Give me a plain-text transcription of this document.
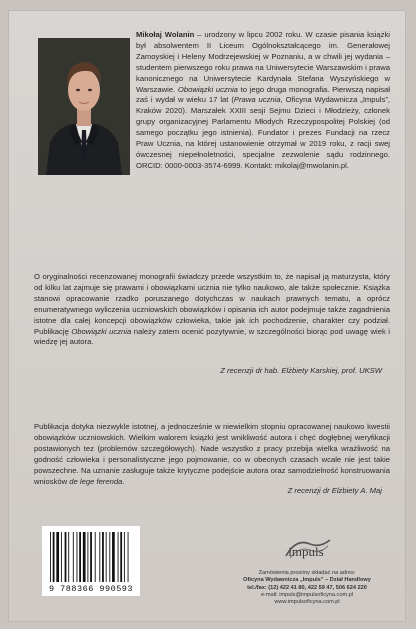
Mikołaj Wolanin – urodzony w lipcu 2002 roku. W czasie pisania książki był absolwentem II Liceum Ogólnokształcącego im. Generałowej Zamoyskiej i Heleny Modrzejewskiej w Poznaniu, a w chwili jej wydania – studentem pierwszego roku prawa na Uniwersytecie Warszawskim i prawa kanonicznego na Uniwersytecie Kardynała Stefana Wyszyńskiego w Warszawie. Obowiązki ucznia to jego druga monografia. Pierwszą napisał zaś i wydał w wieku 17 lat (Prawa ucznia, Oficyna Wydawnicza „Impuls”, Kraków 2020). Marszałek XXIII sesji Sejmu Dzieci i Młodzieży, członek grupy organizacyjnej Parlamentu Młodych Rzeczypospolitej Polskiej (od samego początku jego istnienia). Fundator i prezes Fundacji na rzecz Praw Ucznia, na której ustanowienie otrzymał w 2019 roku, z racji swej ówczesnej niepełnoletności, specjalne zezwolenie sądu rodzinnego. ORCID: 0000-0003-3574-6999. Kontakt: mikolaj@mwolanin.pl.

O oryginalności recenzowanej monografii świadczy przede wszystkim to, że napisał ją maturzysta, który od kilku lat zajmuje się prawami i obowiązkami ucznia nie tylko naukowo, ale także społecznie. Książka stanowi opracowanie rzadko poruszanego dotychczas w naukach prawnych tematu, a oprócz enumeratywnego wyliczenia uczniowskich obowiązków i opisania ich autor podejmuje także zagadnienia istotne dla całej koncepcji obowiązków człowieka, takie jak ich pochodzenie, charakter czy podział. Publikację Obowiązki ucznia należy zatem ocenić pozytywnie, w szczególności biorąc pod uwagę wiek i wiedzę jej autora.

Z recenzji dr hab. Elżbiety Karskiej, prof. UKSW

Publikacja dotyka niezwykle istotnej, a jednocześnie w niewielkim stopniu opracowanej naukowo kwestii obowiązków uczniowskich. Wielkim walorem książki jest wnikliwość autora i chęć dogłębnej weryfikacji postawionych tez (problemów szczegółowych). Nade wszystko z pracy przebija wielka wrażliwość na godność człowieka i personalistyczne jego pojmowanie, co w obecnych czasach wcale nie jest takie powszechne. Na uznanie zasługuje także krytyczne podejście autora oraz samodzielność konstruowania wniosków de lege ferenda.

Z recenzji dr Elżbiety A. Maj
9 788366 990593
impuls
Zamówienia prosimy składać na adres:
Oficyna Wydawnicza „Impuls” – Dział Handlowy
tel./fax: (12) 422 41 80, 422 59 47, 506 624 220
e-mail: impuls@impulsoficyna.com.pl
www.impulsoficyna.com.pl
